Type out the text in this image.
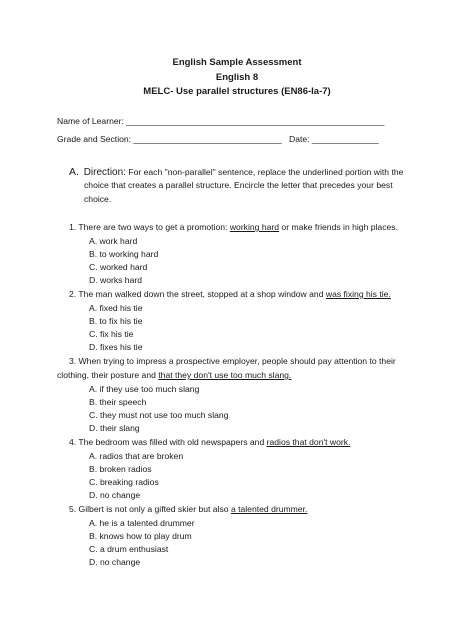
English Sample Assessment
English 8
MELC- Use parallel structures (EN86-Ia-7)
Name of Learner: ______________________________________________________
Grade and Section: _______________________________ Date: ______________
A. Direction: For each "non-parallel" sentence, replace the underlined portion with the
choice that creates a parallel structure. Encircle the letter that precedes your best
choice.
1. There are two ways to get a promotion: working hard or make friends in high places.
A. work hard
B. to working hard
C. worked hard
D. works hard
2. The man walked down the street, stopped at a shop window and was fixing his tie.
A. fixed his tie
B. to fix his tie
C. fix his tie
D. fixes his tie
3. When trying to impress a prospective employer, people should pay attention to their
clothing, their posture and that they don't use too much slang.
A. if they use too much slang
B. their speech
C. they must not use too much slang
D. their slang
4. The bedroom was filled with old newspapers and radios that don't work.
A. radios that are broken
B. broken radios
C. breaking radios
D. no change
5. Gilbert is not only a gifted skier but also a talented drummer.
A. he is a talented drummer
B. knows how to play drum
C. a drum enthusiast
D. no change
